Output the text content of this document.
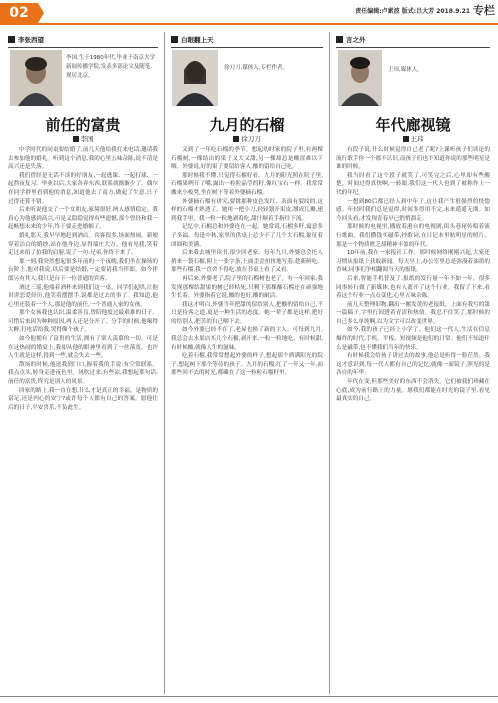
02	责任编辑:卢素波 版式:吕大芳 2018.9.21 专栏
李张西望
李国,生于1980年代,毕业于南京大学新闻传播学院,发表多部论文及随笔,现居北京。
前任的富贵
李国

中学时代的同桌要结婚了,前几天他给我打来电话,邀请我去参加他的婚礼。听到这个消息,我的心里五味杂陈,说不清是高兴还是失落。

我们曾经是无话不谈的好朋友,一起逃课、一起打球、一起熬夜复习。毕业以后,大家各奔东西,联系就渐渐少了。偶尔在同学群里看到他的消息,知道他去了南方,做起了生意,日子过得还算不错。

后来听说他交了一个女朋友,家境很好,两人感情稳定。我真心为他感到高兴,可是又隐隐觉得有些遗憾,那个曾经和我一起畅想未来的少年,终于要走进婚姻了。

婚礼那天,我早早地赶到酒店。宾客很多,场面热闹。新娘穿着洁白的婚纱,站在他身边,显得端庄大方。他看见我,笑着走过来拍了拍我的肩膀,说了一句:兄弟,你终于来了。

那一刻,我突然想起很多年前的一个夜晚,我们坐在操场的台阶上,他对我说,以后要是结婚,一定要请我当伴郎。如今伴郎另有其人,我只是台下一位普通的宾客。

酒过三巡,他端着酒杯来到我们这一桌。同学们起哄,让他讲讲恋爱经历,他笑着摆摆手,说都是过去的事了。我知道,他心里还装着一个人,那是他的前任,一个普通人家的女孩。

那个女孩我也认识,温柔善良,曾陪他度过最艰难的日子。可惜后来因为种种原因,两人还是分开了。分手的时候,他喝得大醉,打电话给我,哭得像个孩子。

如今他拥有了富贵的生活,拥有了别人羡慕的一切。可是在这热闹的婚宴上,我却从他的眼神里看到了一丝落寞。也许人生就是这样,得到一些,就会失去一些。

散场的时候,他送我到门口,握着我的手说:有空常联系。我点点头,转身走进夜色里。风吹过来,有些凉,我想起那句话:前任的富贵,终究是别人的风景。

回家的路上,我一直在想,什么才是真正的幸福。是物质的富足,还是内心的安宁?或许每个人都有自己的答案。愿他往后的日子,平安喜乐,不负此生。

白眼翻上天
徐刀刀,媒体人,专栏作者。
九月的石榴
徐刀刀

又到了一年吃石榴的季节。想起幼时家的院子里,有两棵石榴树,一棵结出的果子又大又甜,另一棵却总是酸涩难以下咽。外婆说,好的果子要留给客人,酸的留给自己吃。

那时候我不懂,只觉得石榴好看。九月的阳光照在院子里,石榴果咧开了嘴,露出一粒粒晶莹的籽,像红宝石一样。我常常搬来小板凳,坐在树下等着外婆摘石榴。

外婆摘石榴有讲究,要挑那种皮色发红、表面有裂纹的,这样的石榴才熟透了。她用一把小刀,轻轻划开果皮,掰成几瓣,递到我手里。我一粒一粒地剥着吃,甜汁顺着手指往下流。

记忆中,石榴总和外婆连在一起。她常说,石榴多籽,寓意多子多福。每逢中秋,家里的供桌上总少不了几个大石榴,象征着团圆和美满。

后来我去城里读书,很少回老家。每年九月,外婆总会托人捎来一袋石榴,附上一张字条,上面歪歪扭扭地写着:趁新鲜吃。那些石榴,我一直舍不得吃,放在书桌上看了又看。

再后来,外婆老了,院子里的石榴树也老了。有一年回家,我发现那棵结甜果的树已经枯死,只剩下那棵酸石榴还在顽强地生长着。外婆指着它说,酸的也好,酸的耐活。

我这才明白,外婆当年把甜的留给别人,把酸的留给自己,不只是待客之道,更是一种生活的态度。她一辈子都是这样,把好的给别人,把苦的自己咽下去。

如今外婆已经不在了,老屋也换了新的主人。可每到九月,我总会去水果店买几个石榴,剥开来,一粒一粒地吃。有时候甜,有时候酸,就像人生的滋味。

吃着石榴,我常常想起外婆的样子,想起那个洒满阳光的院子,想起树下那个等待的孩子。九月的石榴,红了一年又一年,而那些回不去的时光,都藏在了这一粒粒石榴籽里。

言之外
王玮,媒体人。
年代廊视镜
王玮

有段子说,什么时候觉得自己老了呢?上课听孩子们谈论的流行歌手你一个都不认识,而孩子们也不知道你说的那些明星是谁的时候。

我当时看了这个段子就笑了,可笑完之后,心里却有些酸楚。时间过得真快啊,一转眼,我们这一代人也到了被称作上一代的年纪。

一想到80后都已经人到中年了,这让我产生很强烈的恍惚感。年轻时我们总是觉得,时间多得用不完,未来遥遥无期。如今回头看,才发现青春早已悄悄溜走。

那时候的电视里,播放着港台的电视剧,街头巷尾传唱着流行歌曲。我们攒钱买磁带,抄歌词,在日记本里贴明星的照片。那是一个物质匮乏却精神丰盈的年代。

10年前,我在一家报社工作。那时候网络刚刚兴起,大家还习惯从报纸上获取新闻。每天早上,办公室里总是弥漫着油墨的香味,同事们争相翻阅当天的报纸。

后来,智能手机普及了,报纸的发行量一年不如一年。很多同事转行做了新媒体,也有人离开了这个行业。我留了下来,看着这个行业一点点变化,心里五味杂陈。

前几天整理旧物,翻出一摞发黄的老报纸。上面有我写的第一篇稿子,字里行间透着青涩和热情。我忍不住笑了,那时候的自己多么单纯啊,以为文字可以改变世界。

如今,我的孩子已经上小学了。他们这一代人,生活在信息爆炸的时代,手机、平板、短视频是他们的日常。他们不知道什么是磁带,也不懂我们当年的快乐。

有时候我会给孩子讲过去的故事,他总是听得一脸茫然。我这才意识到,每一代人都有自己的记忆,就像一面镜子,照见的是各自的年华。

年代在变,但那些美好的东西不会消失。它们被我们珍藏在心底,成为前行路上的力量。愿我们都能在时光的镜子里,看见最真实的自己。
